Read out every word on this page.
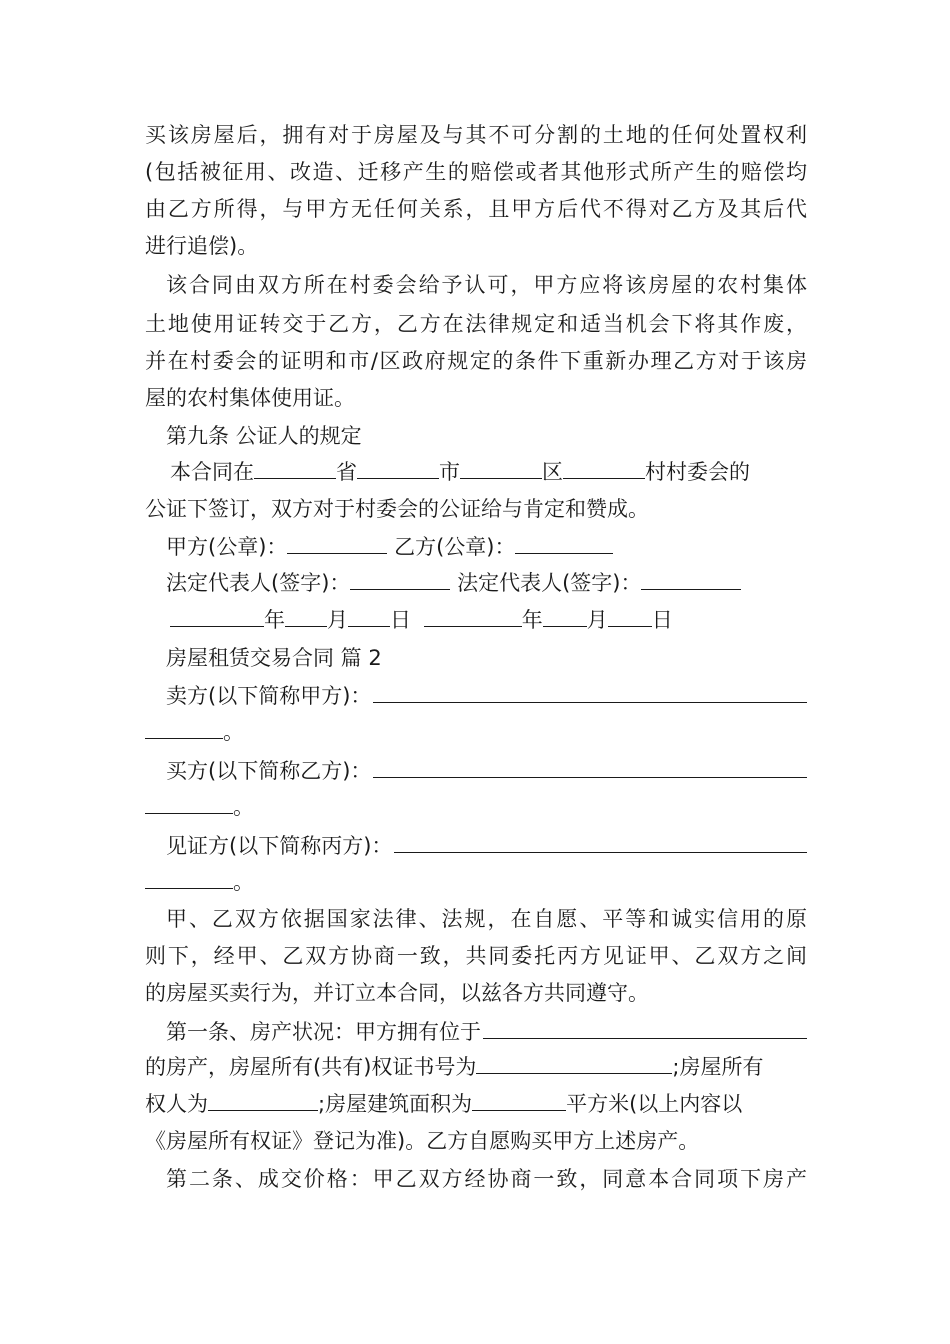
买该房屋后，拥有对于房屋及与其不可分割的土地的任何处置权利
(包括被征用、改造、迁移产生的赔偿或者其他形式所产生的赔偿均
由乙方所得，与甲方无任何关系，且甲方后代不得对乙方及其后代
进行追偿)。
该合同由双方所在村委会给予认可，甲方应将该房屋的农村集体
土地使用证转交于乙方，乙方在法律规定和适当机会下将其作废，
并在村委会的证明和市/区政府规定的条件下重新办理乙方对于该房
屋的农村集体使用证。
第九条 公证人的规定
本合同在	省	市	区	村村委会的
公证下签订，双方对于村委会的公证给与肯定和赞成。
甲方(公章)：	乙方(公章)：
法定代表人(签字)：	法定代表人(签字)：
年 月 日	年 月 日
房屋租赁交易合同 篇 2
卖方(以下简称甲方)：
。
买方(以下简称乙方)：
。
见证方(以下简称丙方)：
。
甲、乙双方依据国家法律、法规，在自愿、平等和诚实信用的原
则下，经甲、乙双方协商一致，共同委托丙方见证甲、乙双方之间
的房屋买卖行为，并订立本合同，以兹各方共同遵守。
第一条、房产状况：甲方拥有位于
的房产，房屋所有(共有)权证书号为	;房屋所有
权人为	;房屋建筑面积为	平方米(以上内容以
《房屋所有权证》登记为准)。乙方自愿购买甲方上述房产。
第二条、成交价格：甲乙双方经协商一致，同意本合同项下房产
